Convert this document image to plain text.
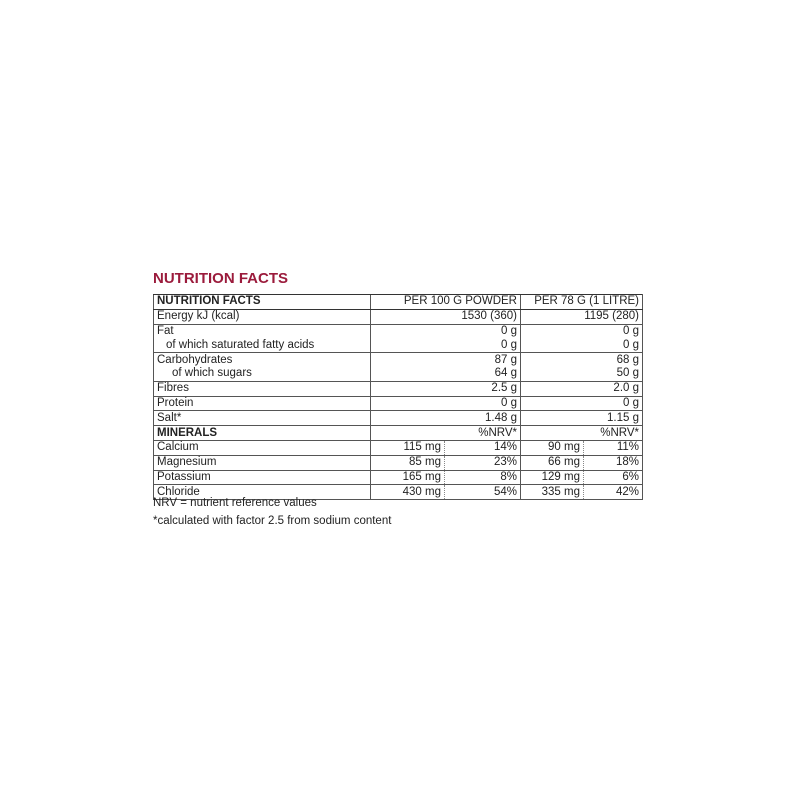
NUTRITION FACTS
NUTRITION FACTS	PER 100 G POWDER		PER 78 G (1 LITRE)	
Energy kJ (kcal)	1530 (360)		1195 (280)	
Fat	0 g		0 g	
of which saturated fatty acids	0 g		0 g	
Carbohydrates	87 g		68 g	
of which sugars	64 g		50 g	
Fibres	2.5 g		2.0 g	
Protein	0 g		0 g	
Salt*	1.48 g		1.15 g	
MINERALS	%NRV*		%NRV*	
Calcium	115 mg	14%	90 mg	11%
Magnesium	85 mg	23%	66 mg	18%
Potassium	165 mg	8%	129 mg	6%
Chloride	430 mg	54%	335 mg	42%
NRV = nutrient reference values
*calculated with factor 2.5 from sodium content
